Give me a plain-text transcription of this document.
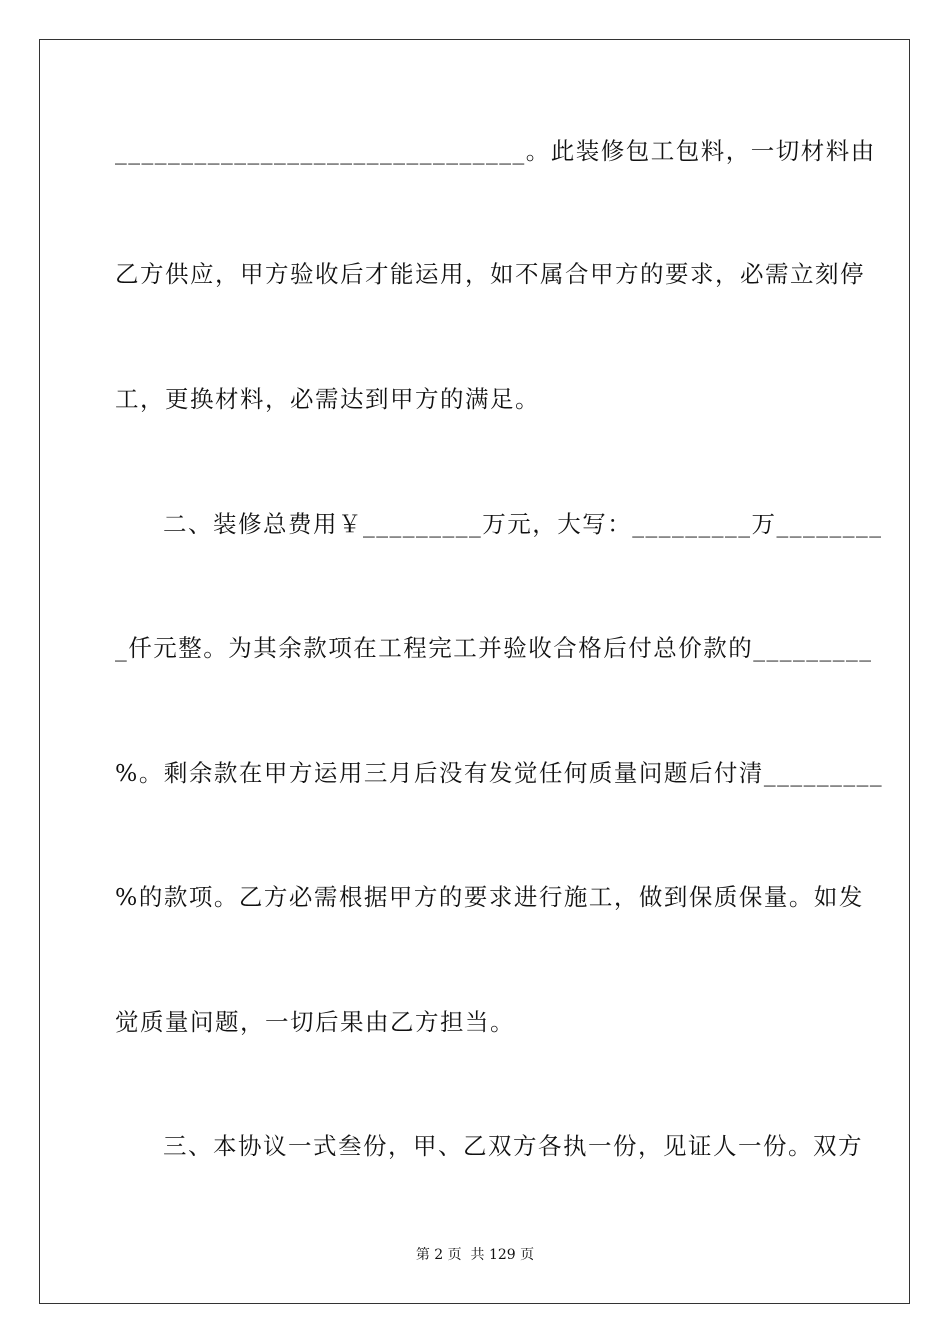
_______________________________。此装修包工包料，一切材料由
乙方供应，甲方验收后才能运用，如不属合甲方的要求，必需立刻停
工，更换材料，必需达到甲方的满足。
二、装修总费用￥_________万元，大写：_________万________
_仟元整。为其余款项在工程完工并验收合格后付总价款的_________
%。剩余款在甲方运用三月后没有发觉任何质量问题后付清_________
%的款项。乙方必需根据甲方的要求进行施工，做到保质保量。如发
觉质量问题，一切后果由乙方担当。
三、本协议一式叁份，甲、乙双方各执一份，见证人一份。双方
第 2 页  共 129 页
